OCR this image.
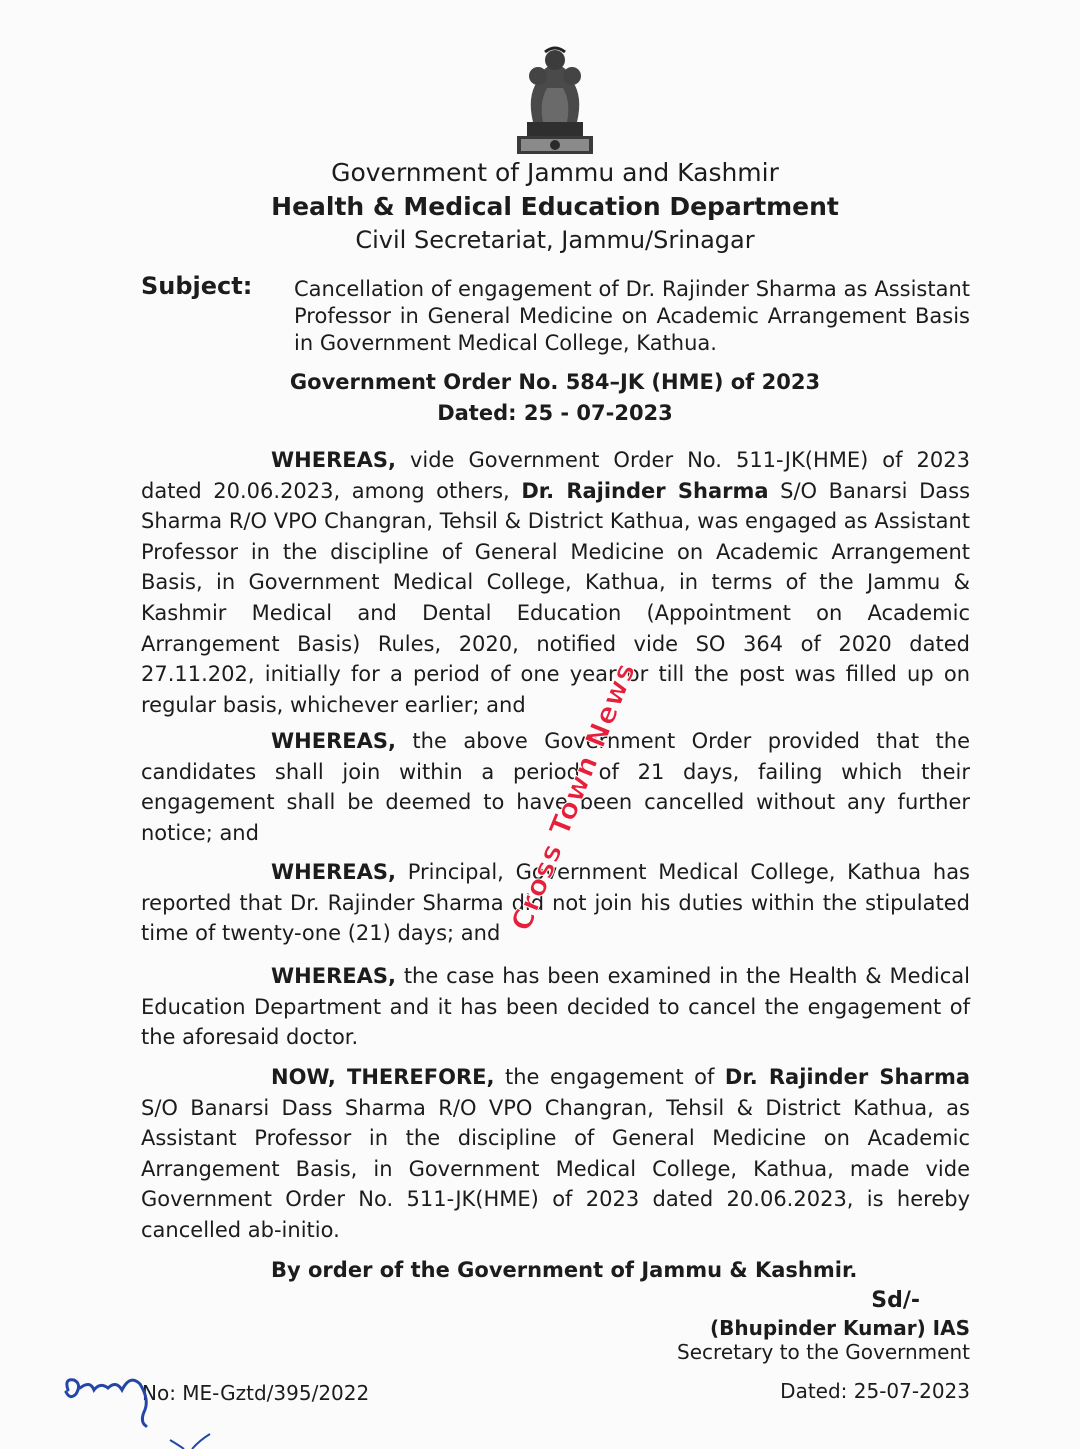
Government of Jammu and Kashmir
Health & Medical Education Department
Civil Secretariat, Jammu/Srinagar
Subject: Cancellation of engagement of Dr. Rajinder Sharma as Assistant Professor in General Medicine on Academic Arrangement Basis in Government Medical College, Kathua.
Government Order No. 584–JK (HME) of 2023
Dated: 25 - 07-2023
WHEREAS, vide Government Order No. 511-JK(HME) of 2023 dated 20.06.2023, among others, Dr. Rajinder Sharma S/O Banarsi Dass Sharma R/O VPO Changran, Tehsil & District Kathua, was engaged as Assistant Professor in the discipline of General Medicine on Academic Arrangement Basis, in Government Medical College, Kathua, in terms of the Jammu & Kashmir Medical and Dental Education (Appointment on Academic Arrangement Basis) Rules, 2020, notified vide SO 364 of 2020 dated 27.11.202, initially for a period of one year or till the post was filled up on regular basis, whichever earlier; and
WHEREAS, the above Government Order provided that the candidates shall join within a period of 21 days, failing which their engagement shall be deemed to have been cancelled without any further notice; and
WHEREAS, Principal, Government Medical College, Kathua has reported that Dr. Rajinder Sharma did not join his duties within the stipulated time of twenty-one (21) days; and
WHEREAS, the case has been examined in the Health & Medical Education Department and it has been decided to cancel the engagement of the aforesaid doctor.
NOW, THEREFORE, the engagement of Dr. Rajinder Sharma S/O Banarsi Dass Sharma R/O VPO Changran, Tehsil & District Kathua, as Assistant Professor in the discipline of General Medicine on Academic Arrangement Basis, in Government Medical College, Kathua, made vide Government Order No. 511-JK(HME) of 2023 dated 20.06.2023, is hereby cancelled ab-initio.
By order of the Government of Jammu & Kashmir.
Sd/-
(Bhupinder Kumar) IAS
Secretary to the Government
No: ME-Gztd/395/2022	Dated: 25-07-2023
Cross Town News
